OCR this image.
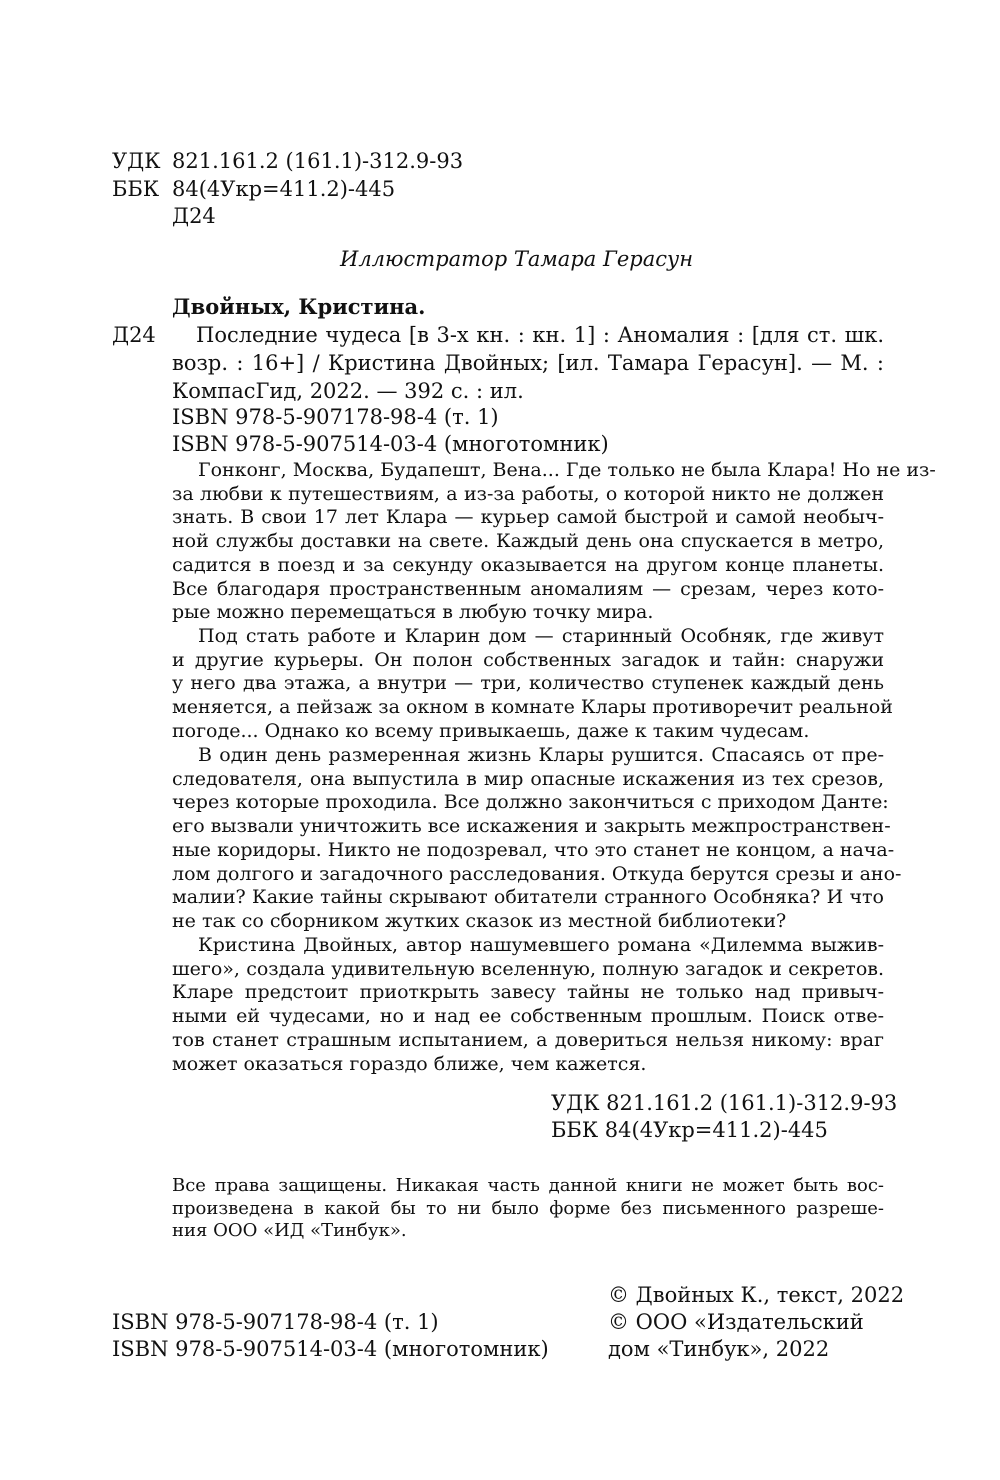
УДК 821.161.2 (161.1)-312.9-93
ББК 84(4Укр=411.2)-445
Д24
Иллюстратор Тамара Герасун
Двойных, Кристина.
Д24 Последние чудеса [в 3-х кн. : кн. 1] : Аномалия : [для ст. шк.
возр. : 16+] / Кристина Двойных; [ил. Тамара Герасун]. — М. :
КомпасГид, 2022. — 392 с. : ил.
ISBN 978-5-907178-98-4 (т. 1)
ISBN 978-5-907514-03-4 (многотомник)
Гонконг, Москва, Будапешт, Вена... Где только не была Клара! Но не из-
за любви к путешествиям, а из-за работы, о которой никто не должен
знать. В свои 17 лет Клара — курьер самой быстрой и самой необыч-
ной службы доставки на свете. Каждый день она спускается в метро,
садится в поезд и за секунду оказывается на другом конце планеты.
Все благодаря пространственным аномалиям — срезам, через кото-
рые можно перемещаться в любую точку мира.
Под стать работе и Кларин дом — старинный Особняк, где живут
и другие курьеры. Он полон собственных загадок и тайн: снаружи
у него два этажа, а внутри — три, количество ступенек каждый день
меняется, а пейзаж за окном в комнате Клары противоречит реальной
погоде... Однако ко всему привыкаешь, даже к таким чудесам.
В один день размеренная жизнь Клары рушится. Спасаясь от пре-
следователя, она выпустила в мир опасные искажения из тех срезов,
через которые проходила. Все должно закончиться с приходом Данте:
его вызвали уничтожить все искажения и закрыть межпространствен-
ные коридоры. Никто не подозревал, что это станет не концом, а нача-
лом долгого и загадочного расследования. Откуда берутся срезы и ано-
малии? Какие тайны скрывают обитатели странного Особняка? И что
не так со сборником жутких сказок из местной библиотеки?
Кристина Двойных, автор нашумевшего романа «Дилемма выжив-
шего», создала удивительную вселенную, полную загадок и секретов.
Кларе предстоит приоткрыть завесу тайны не только над привыч-
ными ей чудесами, но и над ее собственным прошлым. Поиск отве-
тов станет страшным испытанием, а довериться нельзя никому: враг
может оказаться гораздо ближе, чем кажется.
УДК 821.161.2 (161.1)-312.9-93
ББК 84(4Укр=411.2)-445
Все права защищены. Никакая часть данной книги не может быть вос-
произведена в какой бы то ни было форме без письменного разреше-
ния ООО «ИД «Тинбук».
ISBN 978-5-907178-98-4 (т. 1)
ISBN 978-5-907514-03-4 (многотомник)
© Двойных К., текст, 2022
© ООО «Издательский
дом «Тинбук», 2022
